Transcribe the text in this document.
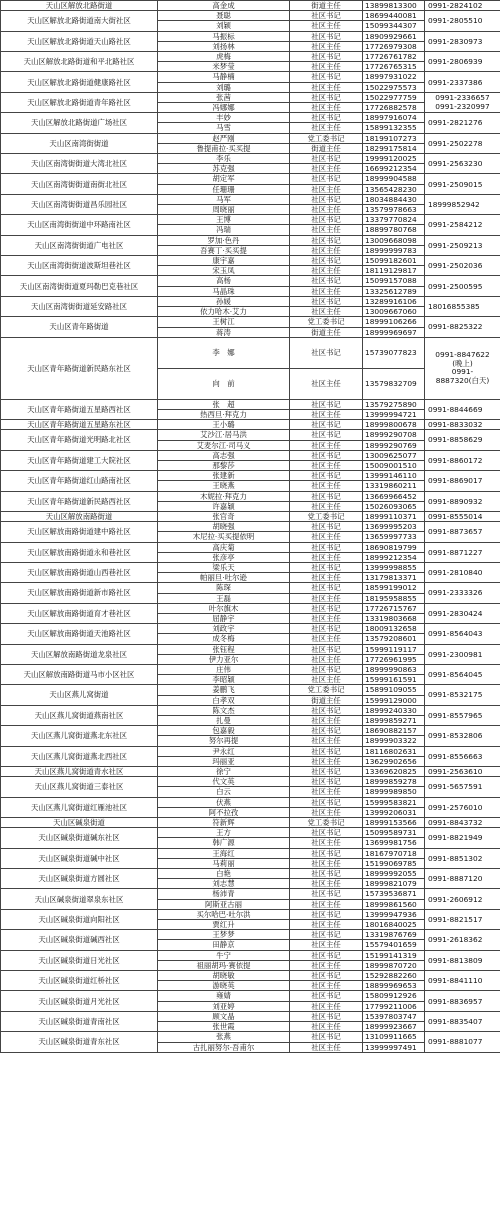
天山区解放北路街道	高金成	街道主任	13899813300	0991-2824102
天山区解放北路街道南大街社区	聂聪	社区书记	18699440081	0991-2805510
	刘颖	社区主任	15099344307	
天山区解放北路街道天山路社区	马振标	社区书记	18909929661	0991-2830973
	刘扬林	社区主任	17726979308	
天山区解放北路街道和平北路社区	虎梅	社区书记	17726761782	0991-2806939
	米梦莹	社区主任	17726765315	
天山区解放北路街道健康路社区	马静楠	社区书记	18997931022	0991-2337386
	刘璐	社区主任	15022975573	
天山区解放北路街道青年路社区	张茜	社区书记	15022977759	0991-2336657
0991-2320997
	冯娜娜	社区主任	17726882578	
天山区解放北路街道广场社区	丰妙	社区书记	18997916074	0991-2821276
	马雪	社区主任	15899132355	
天山区南湾街街道	赵严刚	党工委书记	18199107273	0991-2502278
	鲁提甫拉·买买提	街道主任	18299175814	
天山区南湾街街道大湾北社区	李乐	社区书记	19999120025	0991-2563230
	苏克强	社区主任	16699212354	
天山区南湾街街道南街北社区	胡定军	社区书记	18999904588	0991-2509015
	任珊珊	社区主任	13565428230	
天山区南湾街街道昌乐园社区	马军	社区书记	18034884430	18999852942
	周晓丽	社区主任	13579978663	
天山区南湾街街道中环路南社区	王博	社区书记	13379770824	0991-2584212
	冯瑞	社区主任	18899780768	
天山区南湾街街道广电社区	罗加·色丹	社区书记	13009668098	0991-2509213
	吾赛丁·买买提	社区主任	18999999783	
天山区南湾街街道波斯坦巷社区	康宇嘉	社区书记	15099182601	0991-2502036
	宋玉凤	社区主任	18119129817	
天山区南湾街街道夏玛勒巴克巷社区	高杨	社区书记	15099157088	0991-2500595
	马晶珠	社区主任	13325612789	
天山区南湾街街道延安路社区	孙媛	社区书记	13289916106	18016855385
	依力哈木·艾力	社区主任	13009667060	
天山区青年路街道	王树江	党工委书记	18999106266	0991-8825322
	蒋涛	街道主任	18999969697	
天山区青年路街道新民路东社区	李　娜	社区书记	15739077823	0991-8847622
(晚上)
0991-
8887320(白天)
	向　前	社区主任	13579832709	
天山区青年路街道五星路西社区	张　超	社区书记	13579275890	0991-8844669
	热西旦·拜克力	社区主任	13999994721	
天山区青年路街道五星路东社区	王小璐	社区书记	18999800678	0991-8833032
天山区青年路街道光明路北社区	艾沙江·居马洪	社区书记	18999290708	0991-8858629
	艾麦尔江·司马义	社区主任	18999290769	
天山区青年路街道建工大院社区	高志强	社区书记	13009625077	0991-8860172
	那黎莎	社区主任	15009001510	
天山区青年路街道红山路南社区	张建新	社区书记	13999146110	0991-8869017
	王晓燕	社区主任	13319860211	
天山区青年路街道新民路西社区	木妮拉·拜克力	社区书记	13669966452	0991-8890932
	许嘉颖	社区主任	15026093065	
天山区解放南路街道	张官奇	党工委书记	18999110371	0991-8555014
天山区解放南路街道建中路社区	胡晓强	社区书记	13699995203	0991-8873657
	木尼拉·买买提依明	社区主任	13659997733	
天山区解放南路街道永和巷社区	高庆菊	社区书记	18690819799	0991-8871227
	张彦亭	社区主任	18999212354	
天山区解放南路街道山西巷社区	梁乐天	社区书记	13999998855	0991-2810840
	帕丽旦·吐尔逊	社区主任	13179813371	
天山区解放南路街道新市路社区	陈琛	社区书记	18599199012	0991-2333326
	王磊	社区主任	18195958855	
天山区解放南路街道育才巷社区	叶尔旗木	社区书记	17726715767	0991-2830424
	屈静宇	社区主任	13319803668	
天山区解放南路街道天池路社区	刘政宇	社区书记	18009132658	0991-8564043
	成冬梅	社区主任	13579208601	
天山区解放南路街道龙泉社区	张钰程	社区书记	15999119117	0991-2300981
	伊力亚尔	社区主任	17726961995	
天山区解放南路街道马市小区社区	庄伟	社区书记	18999990863	0991-8564045
	李昭颖	社区主任	15999161591	
天山区燕儿窝街道	姜鹏飞	党工委书记	15899109055	0991-8532175
	白孝双	街道主任	15999129000	
天山区燕儿窝街道燕南社区	陈文杰	社区书记	18999240330	0991-8557965
	扎曼	社区主任	18999859271	
天山区燕儿窝街道燕北东社区	包嘉毅	社区书记	18690882157	0991-8532806
	努尔再提	社区主任	18999903322	
天山区燕儿窝街道燕北西社区	尹永红	社区书记	18116802631	0991-8556663
	玛丽亚	社区主任	13629902656	
天山区燕儿窝街道青水社区	徐宁	社区书记	13369620825	0991-2563610
天山区燕儿窝街道三泰社区	代文英	社区书记	18999859278	0991-5657591
	白云	社区主任	18999989850	
天山区燕儿窝街道红雁池社区	伏燕	社区书记	15999583821	0991-2576010
	阿不拉孜	社区主任	13999206031	
天山区碱泉街道	符新辉	党工委书记	18999153566	0991-8843732
天山区碱泉街道碱东社区	王方	社区书记	15099589731	0991-8821949
	韩广源	社区主任	13699981756	
天山区碱泉街道碱中社区	王海红	社区书记	18167970718	0991-8851302
	马莉丽	社区主任	15199069785	
天山区碱泉街道方圆社区	白艳	社区书记	18999992055	0991-8887120
	刘志慧	社区主任	18999821079	
天山区碱泉街道翠泉东社区	杨沛青	社区书记	15739536871	0991-2606912
	阿斯亚古丽	社区主任	18999861560	
天山区碱泉街道向阳社区	买尔哈巴·吐尔洪	社区书记	13999947936	0991-8821517
	贾红升	社区主任	18016840025	
天山区碱泉街道碱西社区	王梦梦	社区书记	13319876769	0991-2618362
	田静京	社区主任	15579401659	
天山区碱泉街道日光社区	牛宁	社区书记	15199141319	0991-8813809
	祖丽胡玛·赛依提	社区主任	18999870720	
天山区碱泉街道红桥社区	胡晓敏	社区书记	15292882260	0991-8841110
	游晓英	社区主任	18899969653	
天山区碱泉街道月光社区	雍婧	社区书记	15809912926	0991-8836957
	刘亚婷	社区主任	17799211006	
天山区碱泉街道青南社区	顾文晶	社区书记	15397803747	0991-8835407
	张世霞	社区主任	18999923667	
天山区碱泉街道青东社区	张燕	社区书记	13109911665	0991-8881077
	古扎丽努尔·吾甫尔	社区主任	13999997491	
